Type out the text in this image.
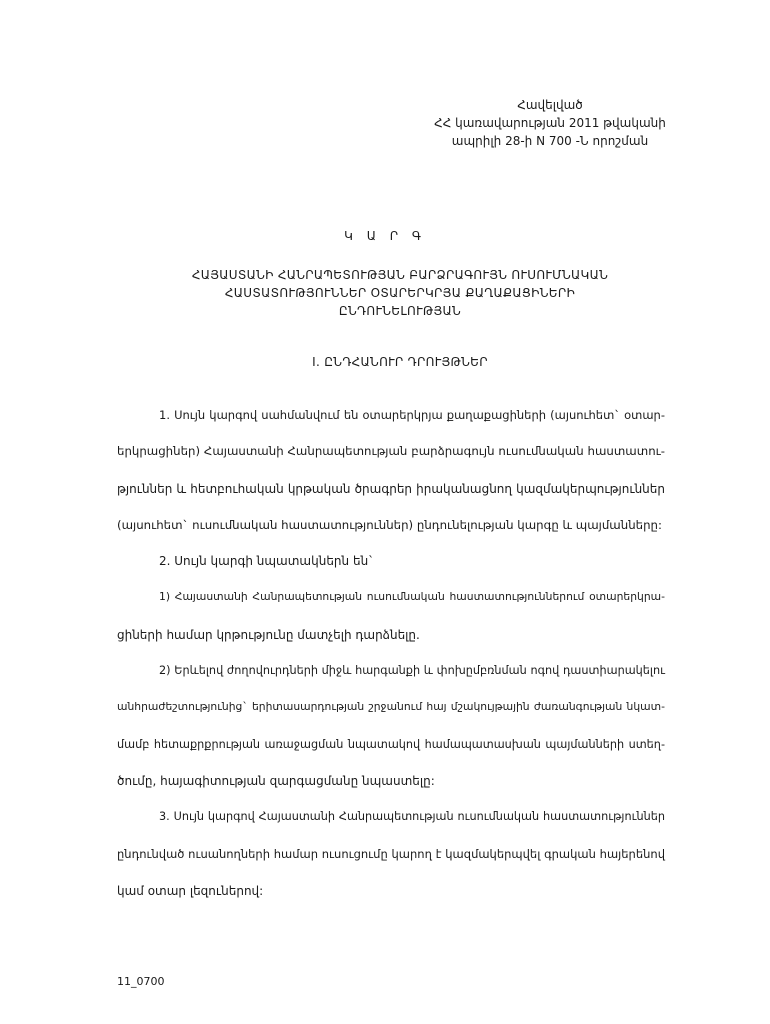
Հավելված
ՀՀ կառավարության 2011 թվականի
ապրիլի 28-ի N 700 -Ն որոշման
Կ Ա Ր Գ
ՀԱՅԱՍՏԱՆԻ ՀԱՆՐԱՊԵՏՈՒԹՅԱՆ ԲԱՐՁՐԱԳՈՒՅՆ ՈՒՍՈՒՄՆԱԿԱՆ
ՀԱՍՏԱՏՈՒԹՅՈՒՆՆԵՐ ՕՏԱՐԵՐԿՐՅԱ ՔԱՂԱՔԱՑԻՆԵՐԻ
ԸՆԴՈՒՆԵԼՈՒԹՅԱՆ
I. ԸՆԴՀԱՆՈՒՐ ԴՐՈՒՅԹՆԵՐ
1. Սույն կարգով սահմանվում են օտարերկրյա քաղաքացիների (այսուհետ` օտար-
երկրացիներ) Հայաստանի Հանրապետության բարձրագույն ուսումնական հաստատու-
թյուններ և հետբուհական կրթական ծրագրեր իրականացնող կազմակերպություններ
(այսուհետ` ուսումնական հաստատություններ) ընդունելության կարգը և պայմանները:
2. Սույն կարգի նպատակներն են`
1) Հայաստանի Հանրապետության ուսումնական հաստատություններում օտարերկրա-
ցիների համար կրթությունը մատչելի դարձնելը.
2) Երևելով ժողովուրդների միջև հարգանքի և փոխըմբռնման ոգով դաստիարակելու
անհրաժեշտությունից` երիտասարդության շրջանում հայ մշակույթային ժառանգության նկատ-
մամբ հետաքրքրության առաջացման նպատակով համապատասխան պայմանների ստեղ-
ծումը, հայագիտության զարգացմանը նպաստելը:
3. Սույն կարգով Հայաստանի Հանրապետության ուսումնական հաստատություններ
ընդունված ուսանողների համար ուսուցումը կարող է կազմակերպվել գրական հայերենով
կամ օտար լեզուներով:
11_0700
